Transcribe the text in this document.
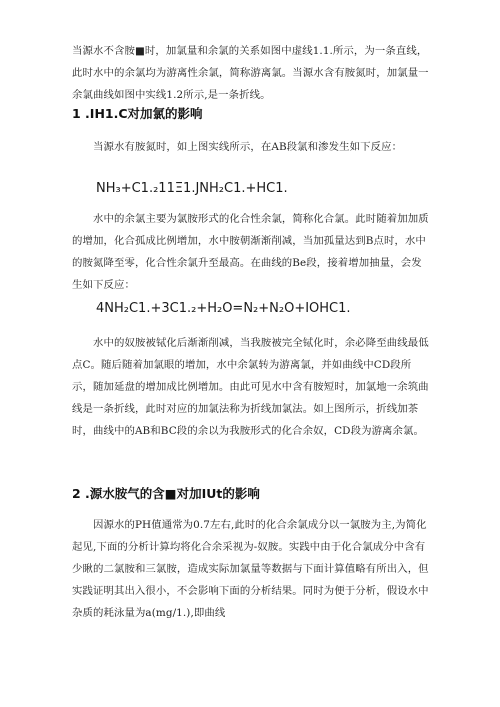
当源水不含胺■时，加氯量和余氯的关系如图中虚线1.1.所示，为一条直线，此时水中的余氯均为游离性余氯，简称游离氯。当源水含有胺氮时，加氯量一余氯曲线如图中实线1.2所示,是一条折线。

1 .IH1.C对加氯的影响

当源水有胺氮时，如上图实线所示，在AB段氯和渗发生如下反应：

NH₃+C1.₂11Ξ1.JNH₂C1.+HC1.

水中的余氯主要为氯胺形式的化合性余氯，简称化合氯。此时随着加加质的增加，化合孤成比例增加，水中胺朝渐渐削减，当加孤量达到B点时，水中的胺氮降至零，化合性余氯升至最高。在曲线的Be段，接着增加抽量，会发生如下反应：

4NH₂C1.+3C1.₂+H₂O=N₂+N₂O+IOHC1.

水中的奴胺被铽化后渐渐削减，当我胺被完全铽化时，余必降至曲线最低点C。随后随着加氯眼的增加，水中余氯转为游离氯，并如曲线中CD段所示，随加延盘的增加成比例增加。由此可见水中含有胺短时，加氯地一余筑曲线是一条折线，此时对应的加氯法称为折线加氯法。如上图所示，折线加茶时，曲线中的AB和BC段的余以为我胺形式的化合余奴，CD段为游离余氯。

2 .源水胺气的含■对加IUt的影响

因源水的PH值通常为0.7左右,此时的化合余氯成分以一氯胺为主,为简化起见,下面的分析计算均将化合余采视为-奴胺。实践中由于化合氯成分中含有少瞅的二氯胺和三氯胺，造成实际加氯量等数据与下面计算值略有所出入，但实践证明其出入很小，不会影响下面的分析结果。同时为便于分析，假设水中杂质的耗泳量为a(mg/1.),即曲线
